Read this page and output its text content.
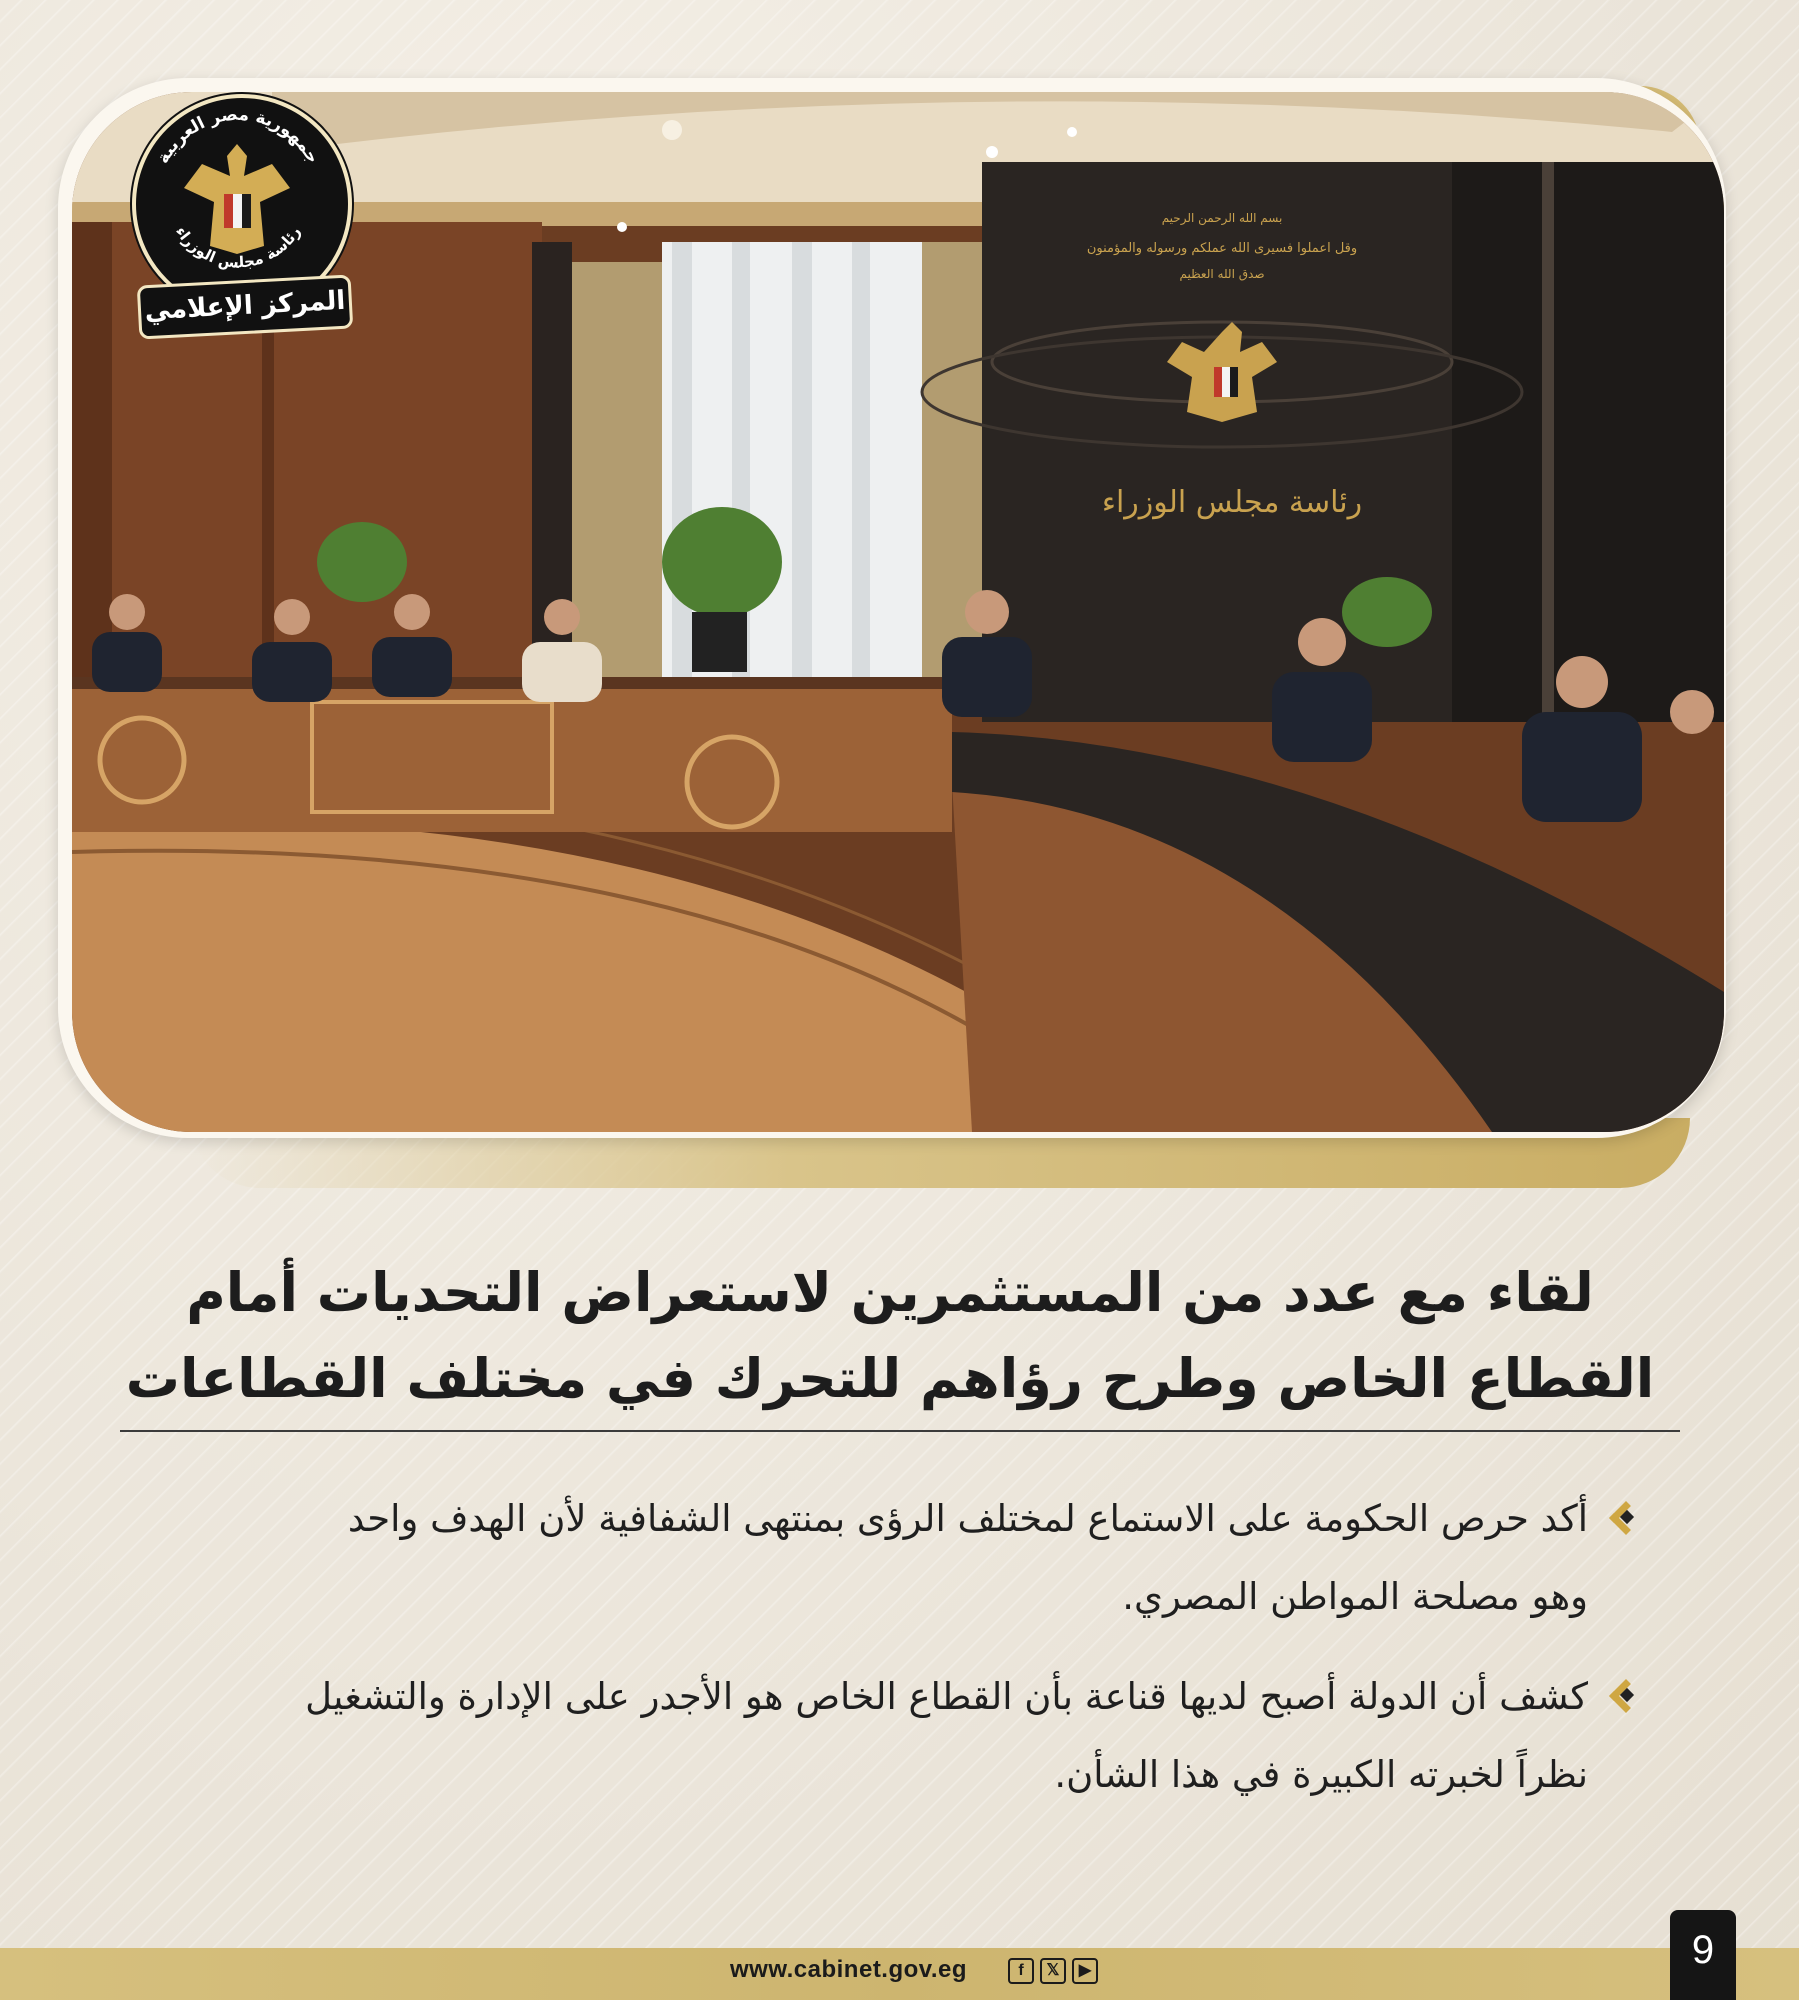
رئاسة مجلس الوزراء
بسم الله الرحمن الرحيم
وقل اعملوا فسيرى الله عملكم ورسوله والمؤمنون
صدق الله العظيم
جمهورية مصر العربية
رئاسة مجلس الوزراء
المركز الإعلامي
لقاء مع عدد من المستثمرين لاستعراض التحديات أمام
القطاع الخاص وطرح رؤاهم للتحرك في مختلف القطاعات
أكد حرص الحكومة على الاستماع لمختلف الرؤى بمنتهى الشفافية لأن الهدف واحد
وهو مصلحة المواطن المصري.
كشف أن الدولة أصبح لديها قناعة بأن القطاع الخاص هو الأجدر على الإدارة والتشغيل
نظراً لخبرته الكبيرة في هذا الشأن.
www.cabinet.gov.eg	f	𝕏	▶	9
